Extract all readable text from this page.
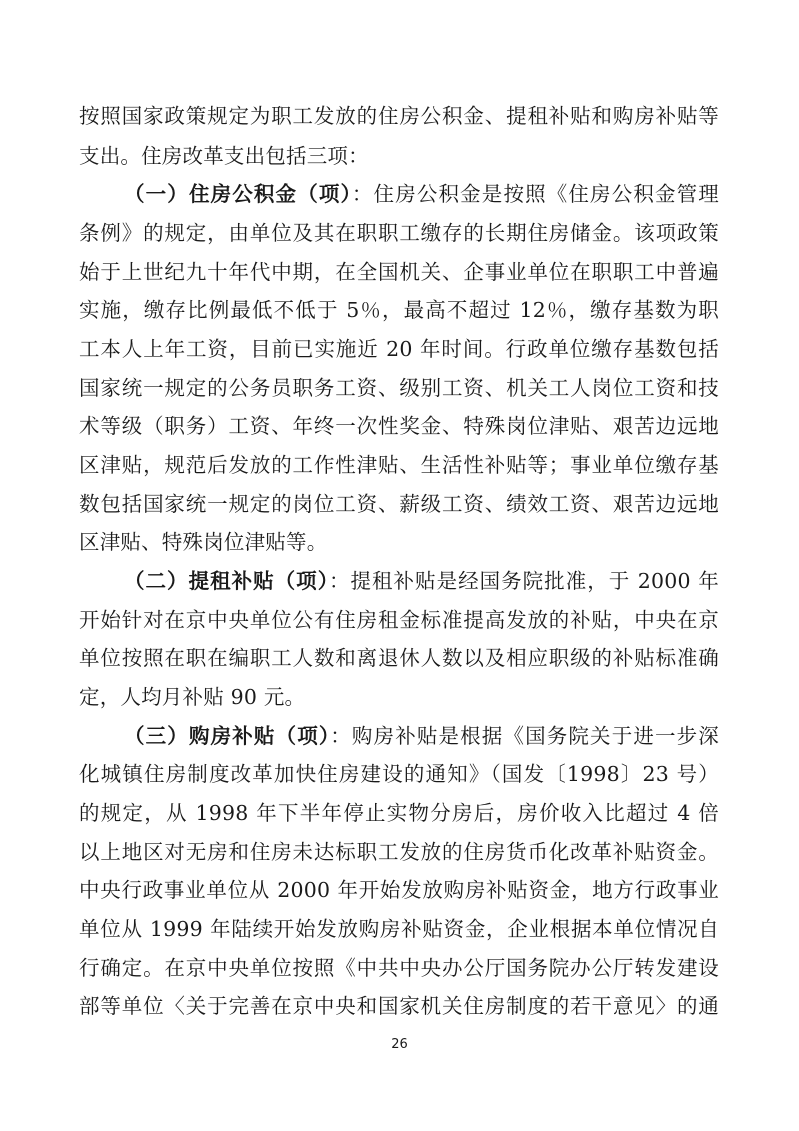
按照国家政策规定为职工发放的住房公积金、提租补贴和购房补贴等
支出。住房改革支出包括三项：
（一）住房公积金（项）：住房公积金是按照《住房公积金管理
条例》的规定，由单位及其在职职工缴存的长期住房储金。该项政策
始于上世纪九十年代中期，在全国机关、企事业单位在职职工中普遍
实施，缴存比例最低不低于 5％，最高不超过 12％，缴存基数为职
工本人上年工资，目前已实施近 20 年时间。行政单位缴存基数包括
国家统一规定的公务员职务工资、级别工资、机关工人岗位工资和技
术等级（职务）工资、年终一次性奖金、特殊岗位津贴、艰苦边远地
区津贴，规范后发放的工作性津贴、生活性补贴等；事业单位缴存基
数包括国家统一规定的岗位工资、薪级工资、绩效工资、艰苦边远地
区津贴、特殊岗位津贴等。
（二）提租补贴（项）：提租补贴是经国务院批准，于 2000 年
开始针对在京中央单位公有住房租金标准提高发放的补贴，中央在京
单位按照在职在编职工人数和离退休人数以及相应职级的补贴标准确
定，人均月补贴 90 元。
（三）购房补贴（项）：购房补贴是根据《国务院关于进一步深
化城镇住房制度改革加快住房建设的通知》（国发〔1998〕23 号）
的规定，从 1998 年下半年停止实物分房后，房价收入比超过 4 倍
以上地区对无房和住房未达标职工发放的住房货币化改革补贴资金。
中央行政事业单位从 2000 年开始发放购房补贴资金，地方行政事业
单位从 1999 年陆续开始发放购房补贴资金，企业根据本单位情况自
行确定。在京中央单位按照《中共中央办公厅国务院办公厅转发建设
部等单位〈关于完善在京中央和国家机关住房制度的若干意见〉的通
26
